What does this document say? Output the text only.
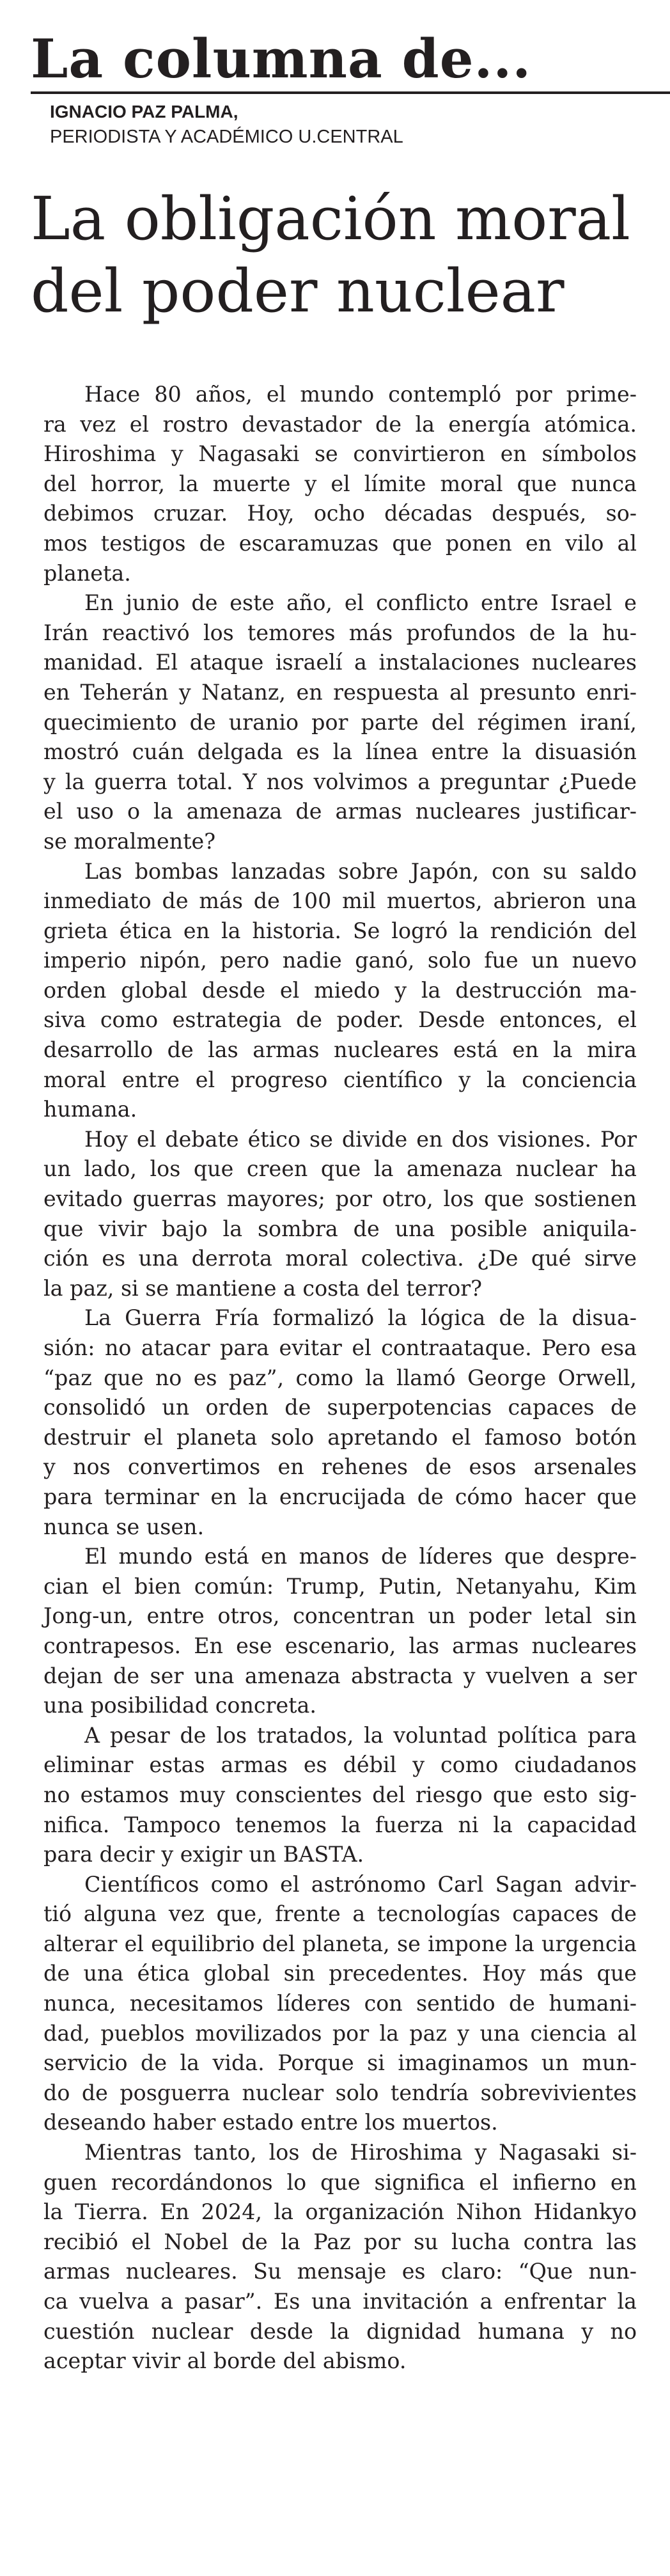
La columna de...
IGNACIO PAZ PALMA,
PERIODISTA Y ACADÉMICO U.CENTRAL
La obligación moral
del poder nuclear

Hace 80 años, el mundo contempló por prime-
ra vez el rostro devastador de la energía atómica.
Hiroshima y Nagasaki se convirtieron en símbolos
del horror, la muerte y el límite moral que nunca
debimos cruzar. Hoy, ocho décadas después, so-
mos testigos de escaramuzas que ponen en vilo al
planeta.

En junio de este año, el conflicto entre Israel e
Irán reactivó los temores más profundos de la hu-
manidad. El ataque israelí a instalaciones nucleares
en Teherán y Natanz, en respuesta al presunto enri-
quecimiento de uranio por parte del régimen iraní,
mostró cuán delgada es la línea entre la disuasión
y la guerra total. Y nos volvimos a preguntar ¿Puede
el uso o la amenaza de armas nucleares justificar-
se moralmente?

Las bombas lanzadas sobre Japón, con su saldo
inmediato de más de 100 mil muertos, abrieron una
grieta ética en la historia. Se logró la rendición del
imperio nipón, pero nadie ganó, solo fue un nuevo
orden global desde el miedo y la destrucción ma-
siva como estrategia de poder. Desde entonces, el
desarrollo de las armas nucleares está en la mira
moral entre el progreso científico y la conciencia
humana.

Hoy el debate ético se divide en dos visiones. Por
un lado, los que creen que la amenaza nuclear ha
evitado guerras mayores; por otro, los que sostienen
que vivir bajo la sombra de una posible aniquila-
ción es una derrota moral colectiva. ¿De qué sirve
la paz, si se mantiene a costa del terror?

La Guerra Fría formalizó la lógica de la disua-
sión: no atacar para evitar el contraataque. Pero esa
“paz que no es paz”, como la llamó George Orwell,
consolidó un orden de superpotencias capaces de
destruir el planeta solo apretando el famoso botón
y nos convertimos en rehenes de esos arsenales
para terminar en la encrucijada de cómo hacer que
nunca se usen.

El mundo está en manos de líderes que despre-
cian el bien común: Trump, Putin, Netanyahu, Kim
Jong-un, entre otros, concentran un poder letal sin
contrapesos. En ese escenario, las armas nucleares
dejan de ser una amenaza abstracta y vuelven a ser
una posibilidad concreta.

A pesar de los tratados, la voluntad política para
eliminar estas armas es débil y como ciudadanos
no estamos muy conscientes del riesgo que esto sig-
nifica. Tampoco tenemos la fuerza ni la capacidad
para decir y exigir un BASTA.

Científicos como el astrónomo Carl Sagan advir-
tió alguna vez que, frente a tecnologías capaces de
alterar el equilibrio del planeta, se impone la urgencia
de una ética global sin precedentes. Hoy más que
nunca, necesitamos líderes con sentido de humani-
dad, pueblos movilizados por la paz y una ciencia al
servicio de la vida. Porque si imaginamos un mun-
do de posguerra nuclear solo tendría sobrevivientes
deseando haber estado entre los muertos.

Mientras tanto, los de Hiroshima y Nagasaki si-
guen recordándonos lo que significa el infierno en
la Tierra. En 2024, la organización Nihon Hidankyo
recibió el Nobel de la Paz por su lucha contra las
armas nucleares. Su mensaje es claro: “Que nun-
ca vuelva a pasar”. Es una invitación a enfrentar la
cuestión nuclear desde la dignidad humana y no
aceptar vivir al borde del abismo.
